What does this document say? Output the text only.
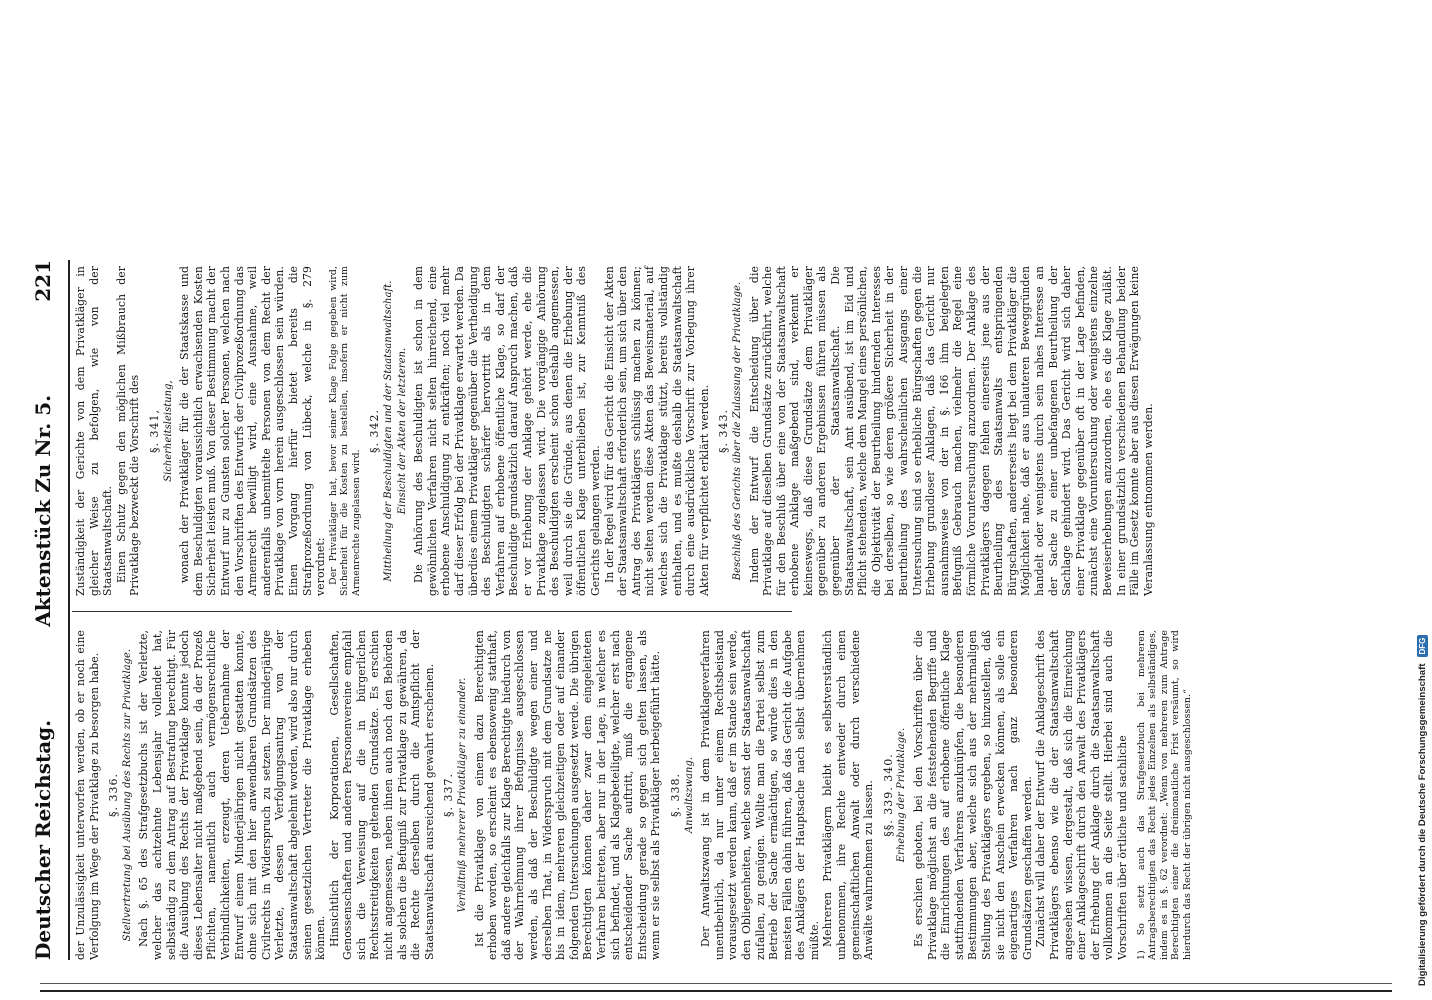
Deutscher Reichstag.
Aktenstück Zu Nr. 5.
221

der Unzulässigkeit unterworfen werden, ob er noch eine Verfolgung im Wege der Privatklage zu besorgen habe. §. 336. Stellvertretung bei Ausübung des Rechts zur Privatklage. Nach §. 65 des Strafgesetzbuchs ist der Verletzte, welcher das achtzehnte Lebensjahr vollendet hat, selbständig zu dem Antrag auf Bestrafung berechtigt. Für die Ausübung des Rechts der Privatklage konnte jedoch dieses Lebensalter nicht maßgebend sein, da der Prozeß Pflichten, namentlich auch vermögensrechtliche Verbindlichkeiten, erzeugt, deren Uebernahme der Entwurf einem Minderjährigen nicht gestatten konnte, ohne sich mit den hier anwendbaren Grundsätzen des Civilrechts in Widerspruch zu setzen. Der minderjährige Verletzte, dessen Verfolgungsantrag von der Staatsanwaltschaft abgelehnt worden, wird also nur durch seinen gesetzlichen Vertreter die Privatklage erheben können. Hinsichtlich der Korporationen, Gesellschaften, Genossenschaften und anderen Personenvereine empfahl sich die Verweisung auf die in bürgerlichen Rechtsstreitigkeiten geltenden Grundsätze. Es erschien nicht angemessen, neben ihnen auch noch den Behörden als solchen die Befugniß zur Privatklage zu gewähren, da die Rechte derselben durch die Amtspflicht der Staatsanwaltschaft ausreichend gewahrt erscheinen. §. 337. Verhältniß mehrerer Privatkläger zu einander. Ist die Privatklage von einem dazu Berechtigten erhoben worden, so erscheint es ebensowenig statthaft, daß andere gleichfalls zur Klage Berechtigte hiedurch von der Wahrnehmung ihrer Befugnisse ausgeschlossen werden, als daß der Beschuldigte wegen einer und derselben That, in Widerspruch mit dem Grundsatze ne bis in idem, mehreren gleichzeitigen oder auf einander folgenden Untersuchungen ausgesetzt werde. Die übrigen Berechtigten können daher zwar dem eingeleiteten Verfahren beitreten, aber nur in der Lage, in welcher es sich befindet, und als Klagebeteiligte, welcher erst nach entscheidender Sache auftritt, muß die ergangene Entscheidung gerade so gegen sich gelten lassen, als wenn er sie selbst als Privatkläger herbeigeführt hätte. §. 338. Anwaltszwang. Der Anwaltszwang ist in dem Privatklageverfahren unentbehrlich, da nur unter einem Rechtsbeistand vorausgesetzt werden kann, daß er im Stande sein werde, den Obliegenheiten, welche sonst der Staatsanwaltschaft zufallen, zu genügen. Wollte man die Partei selbst zum Betrieb der Sache ermächtigen, so würde dies in den meisten Fällen dahin führen, daß das Gericht die Aufgabe des Anklägers der Hauptsache nach selbst übernehmen müßte. Mehreren Privatklägern bleibt es selbstverständlich unbenommen, ihre Rechte entweder durch einen gemeinschaftlichen Anwalt oder durch verschiedene Anwälte wahrnehmen zu lassen. §§. 339. 340. Erhebung der Privatklage. Es erschien geboten, bei den Vorschriften über die Privatklage möglichst an die feststehenden Begriffe und die Einrichtungen des auf erhobene öffentliche Klage stattfindenden Verfahrens anzuknüpfen, die besonderen Bestimmungen aber, welche sich aus der mehrmaligen Stellung des Privatklägers ergeben, so hinzustellen, daß sie nicht den Anschein erwecken können, als solle ein eigenartiges Verfahren nach ganz besonderen Grundsätzen geschaffen werden. Zunächst will daher der Entwurf die Anklageschrift des Privatklägers ebenso wie die der Staatsanwaltschaft angesehen wissen, dergestalt, daß sich die Einreichung einer Anklageschrift durch den Anwalt des Privatklägers der Erhebung der Anklage durch die Staatsanwaltschaft vollkommen an die Seite stellt. Hierbei sind auch die Vorschriften über örtliche und sachliche 1) So setzt auch das Strafgesetzbuch bei mehreren Antragsberechtigten das Recht jedes Einzelnen als selbständiges, indem es in §. 62 verordnet: „Wenn von mehreren zum Antrage Berechtigten einer die dreimonatliche Frist versäumt, so wird hierdurch das Recht der übrigen nicht ausgeschlossen.“

Zuständigkeit der Gerichte von dem Privatkläger in gleicher Weise zu befolgen, wie von der Staatsanwaltschaft. Einen Schutz gegen den möglichen Mißbrauch der Privatklage bezweckt die Vorschrift des §. 341, Sicherheitsleistung, wonach der Privatkläger für die der Staatskasse und dem Beschuldigten voraussichtlich erwachsenden Kosten Sicherheit leisten muß. Von dieser Bestimmung macht der Entwurf nur zu Gunsten solcher Personen, welchen nach den Vorschriften des Entwurfs der Civilprozeßordnung das Armenrecht bewilligt wird, eine Ausnahme, weil anderenfalls unbemittelte Personen von dem Recht der Privatklage von vorn herein ausgeschlossen sein würden. Einen Vorgang hierfür bietet bereits die Strafprozeßordnung von Lübeck, welche in §. 279 verordnet: Der Privatkläger hat, bevor seiner Klage Folge gegeben wird, Sicherheit für die Kosten zu bestellen, insofern er nicht zum Armenrechte zugelassen wird.

§. 342. Mittheilung der Beschuldigten und der Staatsanwaltschaft. Einsicht der Akten der letzteren. Die Anhörung des Beschuldigten ist schon in dem gewöhnlichen Verfahren nicht selten hinreichend, eine erhobene Anschuldigung zu entkräften; noch viel mehr darf dieser Erfolg bei der Privatklage erwartet werden. Da überdies einem Privatkläger gegenüber die Vertheidigung des Beschuldigten schärfer hervortritt als in dem Verfahren auf erhobene öffentliche Klage, so darf der Beschuldigte grundsätzlich darauf Anspruch machen, daß er vor Erhebung der Anklage gehört werde, ehe die Privatklage zugelassen wird. Die vorgängige Anhörung des Beschuldigten erscheint schon deshalb angemessen, weil durch sie die Gründe, aus denen die Erhebung der öffentlichen Klage unterblieben ist, zur Kenntniß des Gerichts gelangen werden. In der Regel wird für das Gericht die Einsicht der Akten der Staatsanwaltschaft erforderlich sein, um sich über den Antrag des Privatklägers schlüssig machen zu können; nicht selten werden diese Akten das Beweismaterial, auf welches sich die Privatklage stützt, bereits vollständig enthalten, und es mußte deshalb die Staatsanwaltschaft durch eine ausdrückliche Vorschrift zur Vorlegung ihrer Akten für verpflichtet erklärt werden. §. 343. Beschluß des Gerichts über die Zulassung der Privatklage. Indem der Entwurf die Entscheidung über die Privatklage auf dieselben Grundsätze zurückführt, welche für den Beschluß über eine von der Staatsanwaltschaft erhobene Anklage maßgebend sind, verkennt er keineswegs, daß diese Grundsätze dem Privatkläger gegenüber zu anderen Ergebnissen führen müssen als gegenüber der Staatsanwaltschaft. Die Staatsanwaltschaft, sein Amt ausübend, ist im Eid und Pflicht stehenden, welche dem Mangel eines persönlichen, die Objektivität der Beurtheilung hindernden Interesses bei derselben, so wie deren größere Sicherheit in der Beurtheilung des wahrscheinlichen Ausgangs einer Untersuchung sind so erhebliche Bürgschaften gegen die Erhebung grundloser Anklagen, daß das Gericht nur ausnahmsweise von der in §. 166 ihm beigelegten Befugniß Gebrauch machen, vielmehr die Regel eine förmliche Voruntersuchung anzuordnen. Der Anklage des Privatklägers dagegen fehlen einerseits jene aus der Beurtheilung des Staatsanwalts entspringenden Bürgschaften, andererseits liegt bei dem Privatkläger die Möglichkeit nahe, daß er aus unlauteren Beweggründen handelt oder wenigstens durch sein nahes Interesse an der Sache zu einer unbefangenen Beurtheilung der Sachlage gehindert wird. Das Gericht wird sich daher einer Privatklage gegenüber oft in der Lage befinden, zunächst eine Voruntersuchung oder wenigstens einzelne Beweiserhebungen anzuordnen, ehe es die Klage zuläßt. In einer grundsätzlich verschiedenen Behandlung beider Fälle im Gesetz konnte aber aus diesen Erwägungen keine Veranlassung entnommen werden.

Digitalisierung gefördert durch die Deutsche Forschungsgemeinschaft
DFG
